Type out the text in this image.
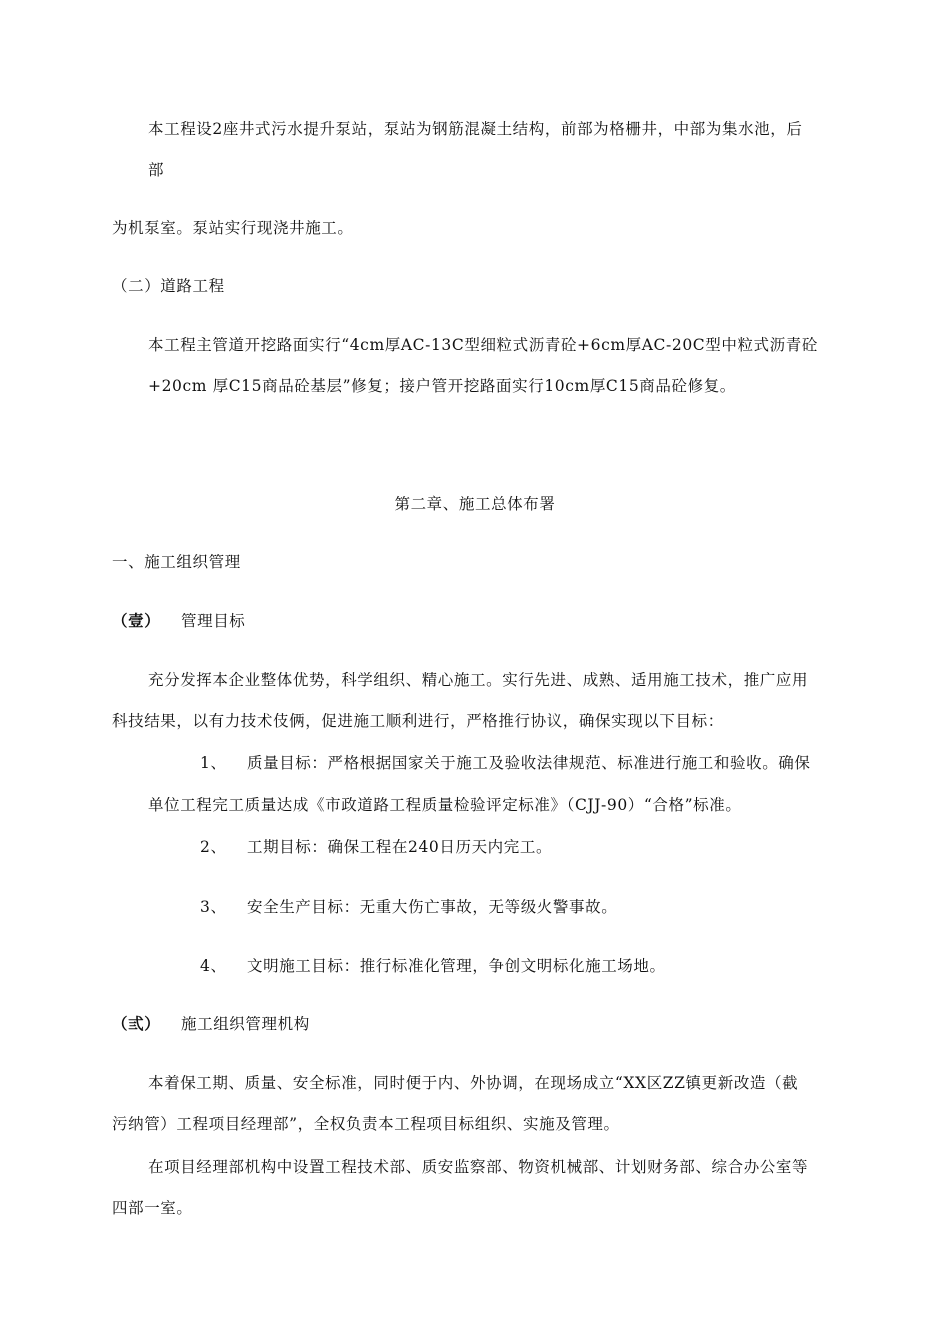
本工程设2座井式污水提升泵站，泵站为钢筋混凝土结构，前部为格栅井，中部为集水池，后
部
为机泵室。泵站实行现浇井施工。
（二）道路工程
本工程主管道开挖路面实行“4cm厚AC-13C型细粒式沥青砼+6cm厚AC-20C型中粒式沥青砼
+20cm 厚C15商品砼基层”修复；接户管开挖路面实行10cm厚C15商品砼修复。
第二章、施工总体布署
一、施工组织管理
（壹） 管理目标
充分发挥本企业整体优势，科学组织、精心施工。实行先进、成熟、适用施工技术，推广应用
科技结果，以有力技术伎俩，促进施工顺利进行，严格推行协议，确保实现以下目标：
1、 质量目标：严格根据国家关于施工及验收法律规范、标准进行施工和验收。确保
单位工程完工质量达成《市政道路工程质量检验评定标准》（CJJ-90）“合格”标准。
2、 工期目标：确保工程在240日历天内完工。
3、 安全生产目标：无重大伤亡事故，无等级火警事故。
4、 文明施工目标：推行标准化管理，争创文明标化施工场地。
（弎） 施工组织管理机构
本着保工期、质量、安全标准，同时便于内、外协调，在现场成立“XX区ZZ镇更新改造（截
污纳管）工程项目经理部”，全权负责本工程项目标组织、实施及管理。
在项目经理部机构中设置工程技术部、质安监察部、物资机械部、计划财务部、综合办公室等
四部一室。
